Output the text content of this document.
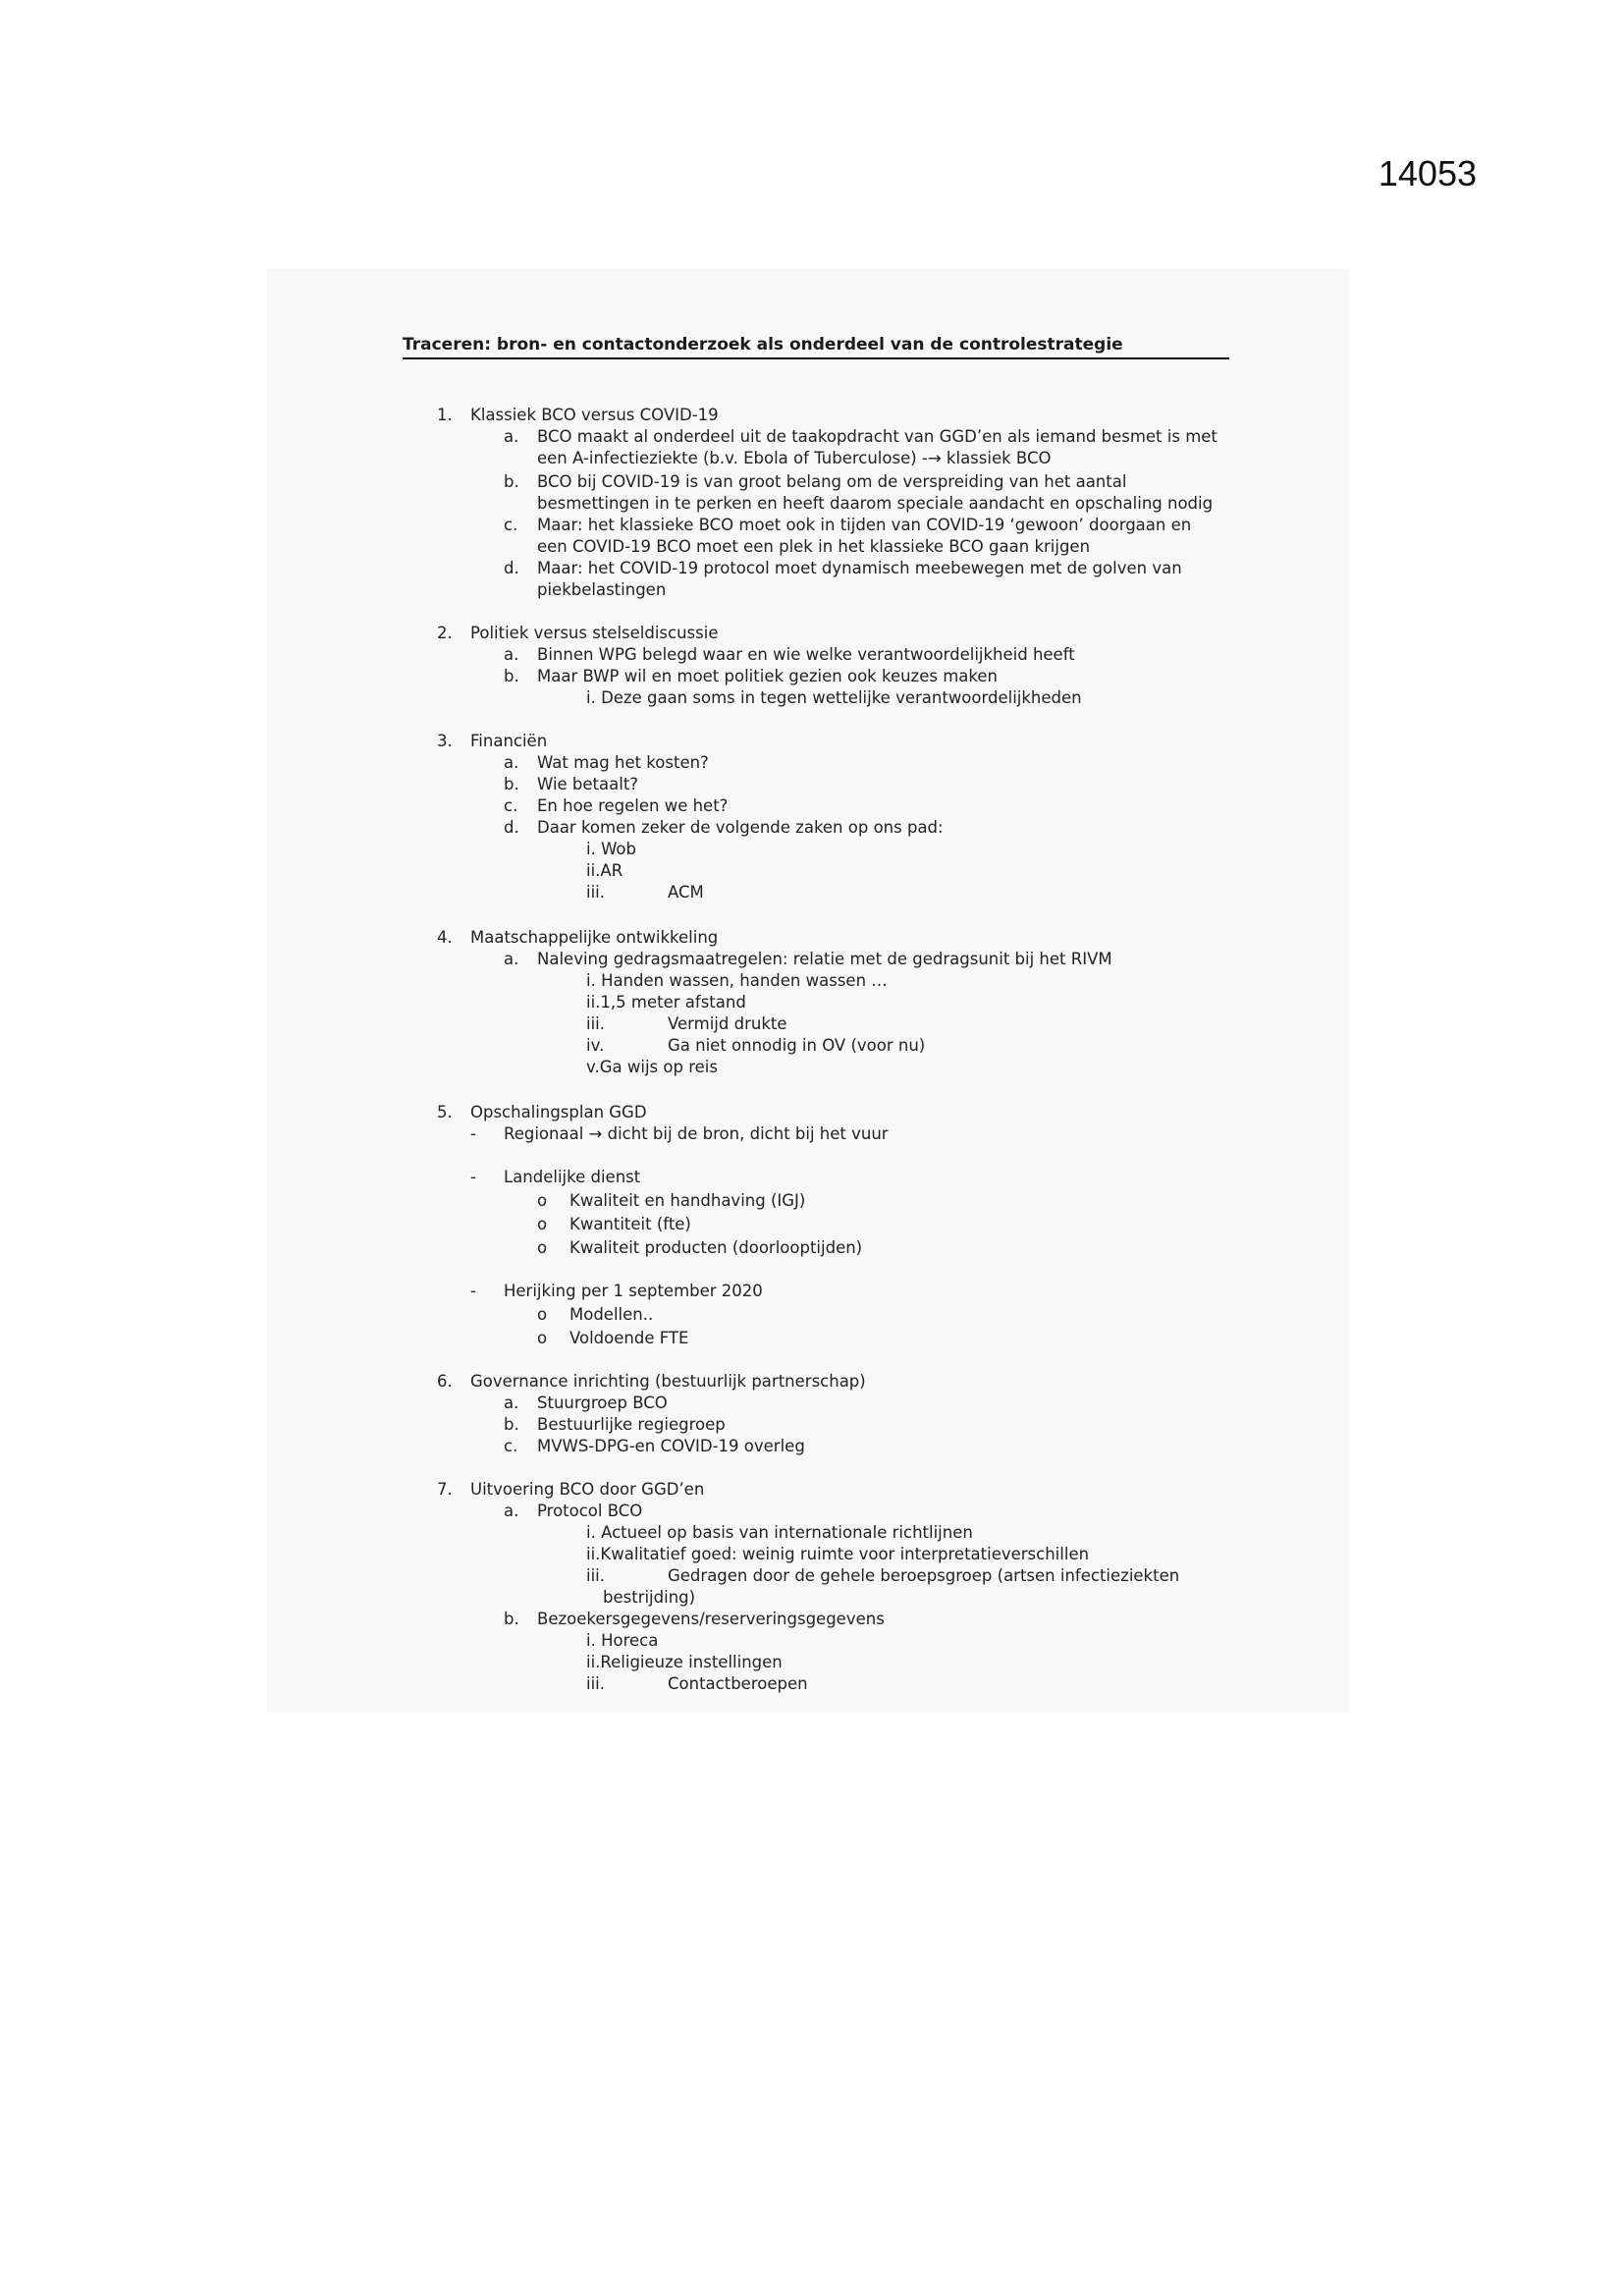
14053
Traceren: bron- en contactonderzoek als onderdeel van de controlestrategie
1. Klassiek BCO versus COVID-19
a. BCO maakt al onderdeel uit de taakopdracht van GGD’en als iemand besmet is met
een A-infectieziekte (b.v. Ebola of Tuberculose) -→ klassiek BCO
b. BCO bij COVID-19 is van groot belang om de verspreiding van het aantal
besmettingen in te perken en heeft daarom speciale aandacht en opschaling nodig
c. Maar: het klassieke BCO moet ook in tijden van COVID-19 ‘gewoon’ doorgaan en
een COVID-19 BCO moet een plek in het klassieke BCO gaan krijgen
d. Maar: het COVID-19 protocol moet dynamisch meebewegen met de golven van
piekbelastingen
2. Politiek versus stelseldiscussie
a. Binnen WPG belegd waar en wie welke verantwoordelijkheid heeft
b. Maar BWP wil en moet politiek gezien ook keuzes maken
i. Deze gaan soms in tegen wettelijke verantwoordelijkheden
3. Financiën
a. Wat mag het kosten?
b. Wie betaalt?
c. En hoe regelen we het?
d. Daar komen zeker de volgende zaken op ons pad:
i. Wob
ii.AR
iii.	ACM
4. Maatschappelijke ontwikkeling
a. Naleving gedragsmaatregelen: relatie met de gedragsunit bij het RIVM
i. Handen wassen, handen wassen …
ii.1,5 meter afstand
iii.	Vermijd drukte
iv.	Ga niet onnodig in OV (voor nu)
v.Ga wijs op reis
5. Opschalingsplan GGD
- Regionaal → dicht bij de bron, dicht bij het vuur
- Landelijke dienst
o Kwaliteit en handhaving (IGJ)
o Kwantiteit (fte)
o Kwaliteit producten (doorlooptijden)
- Herijking per 1 september 2020
o Modellen..
o Voldoende FTE
6. Governance inrichting (bestuurlijk partnerschap)
a. Stuurgroep BCO
b. Bestuurlijke regiegroep
c. MVWS-DPG-en COVID-19 overleg
7. Uitvoering BCO door GGD’en
a. Protocol BCO
i. Actueel op basis van internationale richtlijnen
ii.Kwalitatief goed: weinig ruimte voor interpretatieverschillen
iii.	Gedragen door de gehele beroepsgroep (artsen infectieziekten
bestrijding)
b. Bezoekersgegevens/reserveringsgegevens
i. Horeca
ii.Religieuze instellingen
iii.	Contactberoepen
